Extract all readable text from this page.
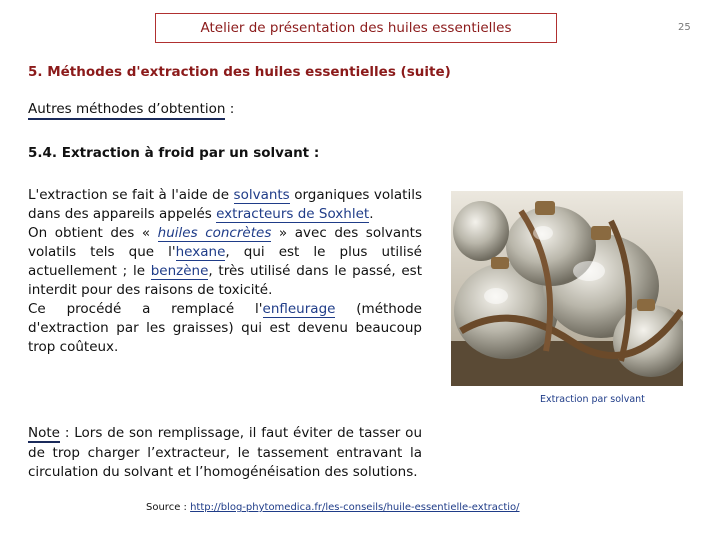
Atelier de présentation des huiles essentielles	25
5. Méthodes d'extraction des huiles essentielles (suite)
Autres méthodes d’obtention :
5.4. Extraction à froid par un solvant :
L'extraction se fait à l'aide de solvants organiques volatils dans des appareils appelés extracteurs de Soxhlet.
On obtient des « huiles concrètes » avec des solvants volatils tels que l'hexane, qui est le plus utilisé actuellement ; le benzène, très utilisé dans le passé, est interdit pour des raisons de toxicité.
Ce procédé a remplacé l'enfleurage (méthode d'extraction par les graisses) qui est devenu beaucoup trop coûteux.
Extraction par solvant
Note : Lors de son remplissage, il faut éviter de tasser ou de trop charger l’extracteur, le tassement entravant la circulation du solvant et l’homogénéisation des solutions.
Source : http://blog-phytomedica.fr/les-conseils/huile-essentielle-extractio/
